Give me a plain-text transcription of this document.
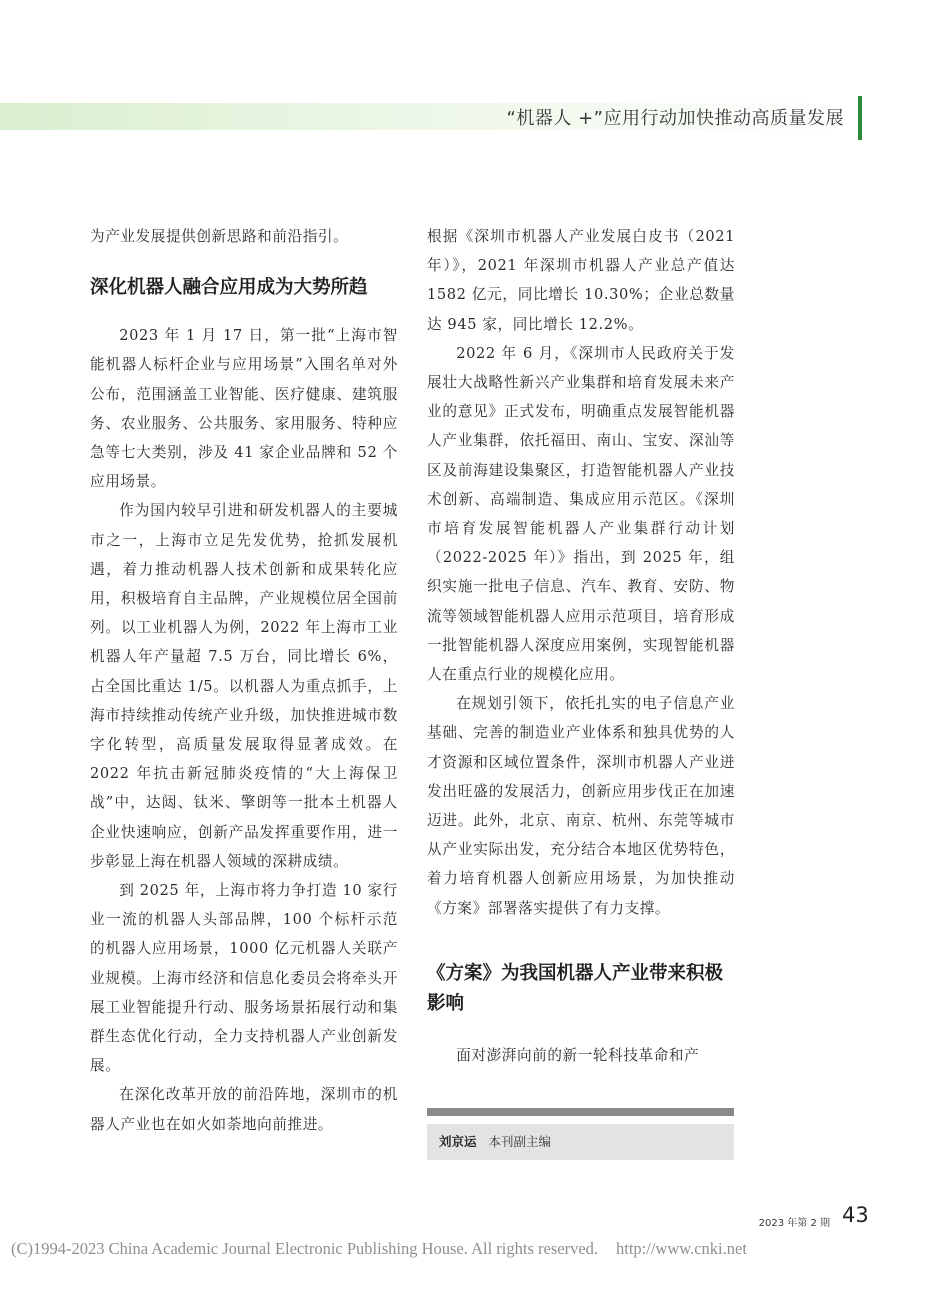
“机器人 +”应用行动加快推动高质量发展

为产业发展提供创新思路和前沿指引。

深化机器人融合应用成为大势所趋

2023 年 1 月 17 日，第一批“上海市智能机器人标杆企业与应用场景”入围名单对外公布，范围涵盖工业智能、医疗健康、建筑服务、农业服务、公共服务、家用服务、特种应急等七大类别，涉及 41 家企业品牌和 52 个应用场景。

作为国内较早引进和研发机器人的主要城市之一，上海市立足先发优势，抢抓发展机遇，着力推动机器人技术创新和成果转化应用，积极培育自主品牌，产业规模位居全国前列。以工业机器人为例，2022 年上海市工业机器人年产量超 7.5 万台，同比增长 6%，占全国比重达 1/5。以机器人为重点抓手，上海市持续推动传统产业升级，加快推进城市数字化转型，高质量发展取得显著成效。在 2022 年抗击新冠肺炎疫情的“大上海保卫战”中，达闼、钛米、擎朗等一批本土机器人企业快速响应，创新产品发挥重要作用，进一步彰显上海在机器人领域的深耕成绩。

到 2025 年，上海市将力争打造 10 家行业一流的机器人头部品牌，100 个标杆示范的机器人应用场景，1000 亿元机器人关联产业规模。上海市经济和信息化委员会将牵头开展工业智能提升行动、服务场景拓展行动和集群生态优化行动，全力支持机器人产业创新发展。

在深化改革开放的前沿阵地，深圳市的机器人产业也在如火如荼地向前推进。

根据《深圳市机器人产业发展白皮书（2021 年）》，2021 年深圳市机器人产业总产值达 1582 亿元，同比增长 10.30%；企业总数量达 945 家，同比增长 12.2%。

2022 年 6 月，《深圳市人民政府关于发展壮大战略性新兴产业集群和培育发展未来产业的意见》正式发布，明确重点发展智能机器人产业集群，依托福田、南山、宝安、深汕等区及前海建设集聚区，打造智能机器人产业技术创新、高端制造、集成应用示范区。《深圳市培育发展智能机器人产业集群行动计划（2022-2025 年）》指出，到 2025 年，组织实施一批电子信息、汽车、教育、安防、物流等领域智能机器人应用示范项目，培育形成一批智能机器人深度应用案例，实现智能机器人在重点行业的规模化应用。

在规划引领下，依托扎实的电子信息产业基础、完善的制造业产业体系和独具优势的人才资源和区域位置条件，深圳市机器人产业迸发出旺盛的发展活力，创新应用步伐正在加速迈进。此外，北京、南京、杭州、东莞等城市从产业实际出发，充分结合本地区优势特色，着力培育机器人创新应用场景，为加快推动《方案》部署落实提供了有力支撑。

《方案》为我国机器人产业带来积极影响

面对澎湃向前的新一轮科技革命和产

刘京运 本刊副主编
2023 年第 2 期 43
(C)1994-2023 China Academic Journal Electronic Publishing House. All rights reserved. http://www.cnki.net
